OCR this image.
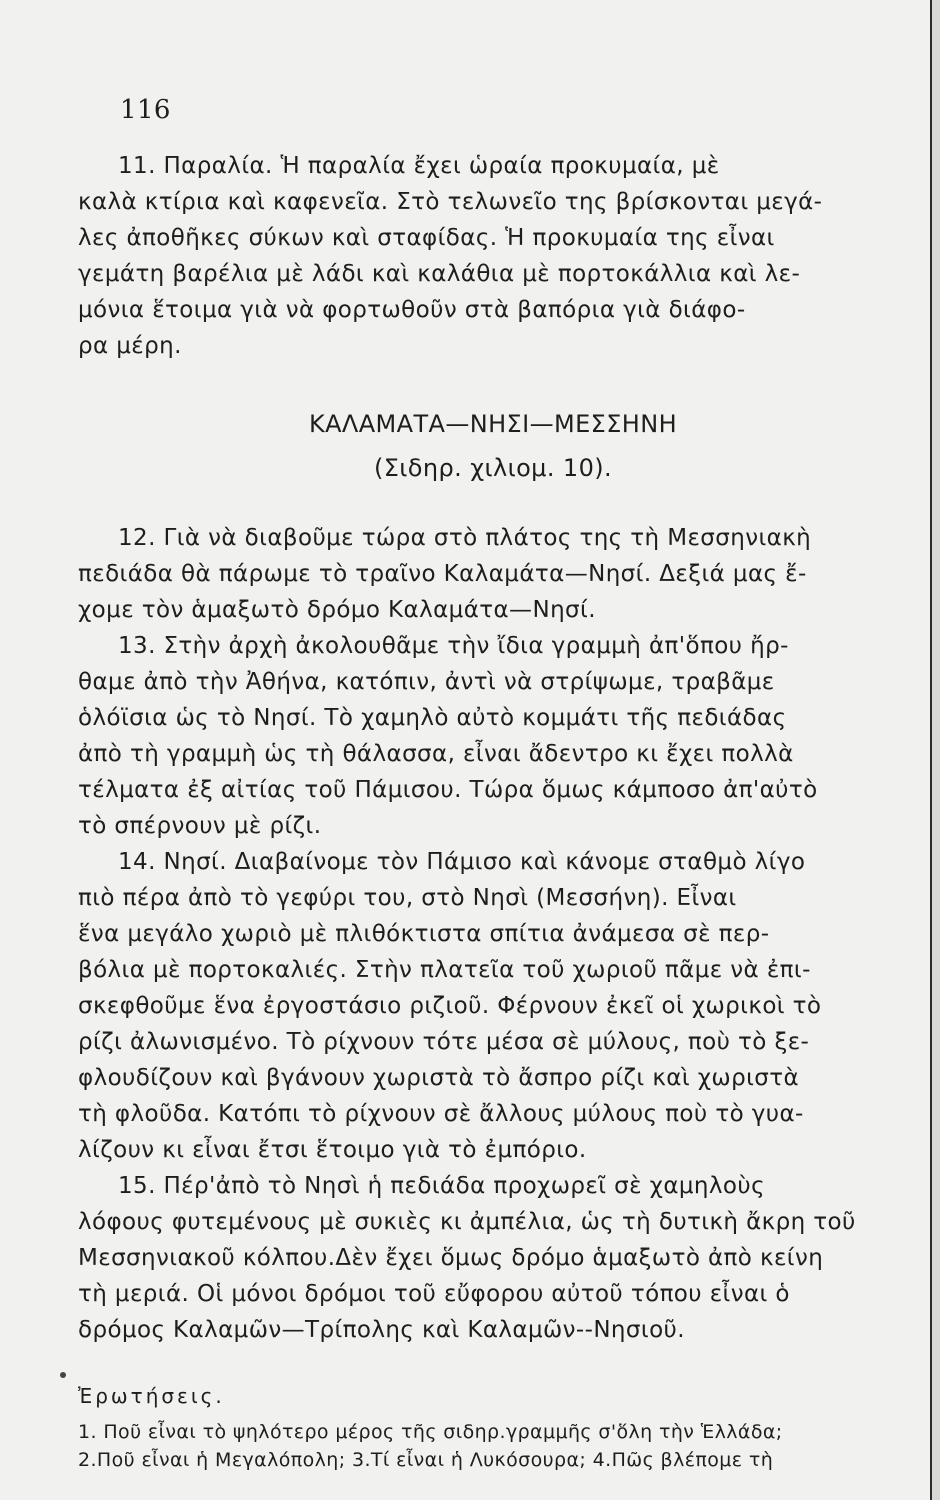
116
11. Παραλία. Ἡ παραλία ἔχει ὡραία προκυμαία, μὲ
καλὰ κτίρια καὶ καφενεῖα. Στὸ τελωνεῖο της βρίσκονται μεγά-
λες ἀποθῆκες σύκων καὶ σταφίδας. Ἡ προκυμαία της εἶναι
γεμάτη βαρέλια μὲ λάδι καὶ καλάθια μὲ πορτοκάλλια καὶ λε-
μόνια ἕτοιμα γιὰ νὰ φορτωθοῦν στὰ βαπόρια γιὰ διάφο-
ρα μέρη.
ΚΑΛΑΜΑΤΑ—ΝΗΣΙ—ΜΕΣΣΗΝΗ
(Σιδηρ. χιλιομ. 10).
12. Γιὰ νὰ διαβοῦμε τώρα στὸ πλάτος της τὴ Μεσσηνιακὴ
πεδιάδα θὰ πάρωμε τὸ τραῖνο Καλαμάτα—Νησί. Δεξιά μας ἔ-
χομε τὸν ἁμαξωτὸ δρόμο Καλαμάτα—Νησί.
13. Στὴν ἀρχὴ ἀκολουθᾶμε τὴν ἴδια γραμμὴ ἀπ'ὅπου ἤρ-
θαμε ἀπὸ τὴν Ἀθήνα, κατόπιν, ἀντὶ νὰ στρίψωμε, τραβᾶμε
ὁλόϊσια ὡς τὸ Νησί. Τὸ χαμηλὸ αὐτὸ κομμάτι τῆς πεδιάδας
ἀπὸ τὴ γραμμὴ ὡς τὴ θάλασσα, εἶναι ἄδεντρο κι ἔχει πολλὰ
τέλματα ἐξ αἰτίας τοῦ Πάμισου. Τώρα ὅμως κάμποσο ἀπ'αὐτὸ
τὸ σπέρνουν μὲ ρίζι.
14. Νησί. Διαβαίνομε τὸν Πάμισο καὶ κάνομε σταθμὸ λίγο
πιὸ πέρα ἀπὸ τὸ γεφύρι του, στὸ Νησὶ (Μεσσήνη). Εἶναι
ἕνα μεγάλο χωριὸ μὲ πλιθόκτιστα σπίτια ἀνάμεσα σὲ περ-
βόλια μὲ πορτοκαλιές. Στὴν πλατεῖα τοῦ χωριοῦ πᾶμε νὰ ἐπι-
σκεφθοῦμε ἕνα ἐργοστάσιο ριζιοῦ. Φέρνουν ἐκεῖ οἱ χωρικοὶ τὸ
ρίζι ἀλωνισμένο. Τὸ ρίχνουν τότε μέσα σὲ μύλους, ποὺ τὸ ξε-
φλουδίζουν καὶ βγάνουν χωριστὰ τὸ ἄσπρο ρίζι καὶ χωριστὰ
τὴ φλοῦδα. Κατόπι τὸ ρίχνουν σὲ ἄλλους μύλους ποὺ τὸ γυα-
λίζουν κι εἶναι ἔτσι ἕτοιμο γιὰ τὸ ἐμπόριο.
15. Πέρ'ἀπὸ τὸ Νησὶ ἡ πεδιάδα προχωρεῖ σὲ χαμηλοὺς
λόφους φυτεμένους μὲ συκιὲς κι ἀμπέλια, ὡς τὴ δυτικὴ ἄκρη τοῦ
Μεσσηνιακοῦ κόλπου.Δὲν ἔχει ὅμως δρόμο ἁμαξωτὸ ἀπὸ κείνη
τὴ μεριά. Οἱ μόνοι δρόμοι τοῦ εὔφορου αὐτοῦ τόπου εἶναι ὁ
δρόμος Καλαμῶν—Τρίπολης καὶ Καλαμῶν--Νησιοῦ.
Ἐρωτήσεις.
1. Ποῦ εἶναι τὸ ψηλότερο μέρος τῆς σιδηρ.γραμμῆς σ'ὅλη τὴν Ἑλλάδα;
2.Ποῦ εἶναι ἡ Μεγαλόπολη; 3.Τί εἶναι ἡ Λυκόσουρα; 4.Πῶς βλέπομε τὴ
